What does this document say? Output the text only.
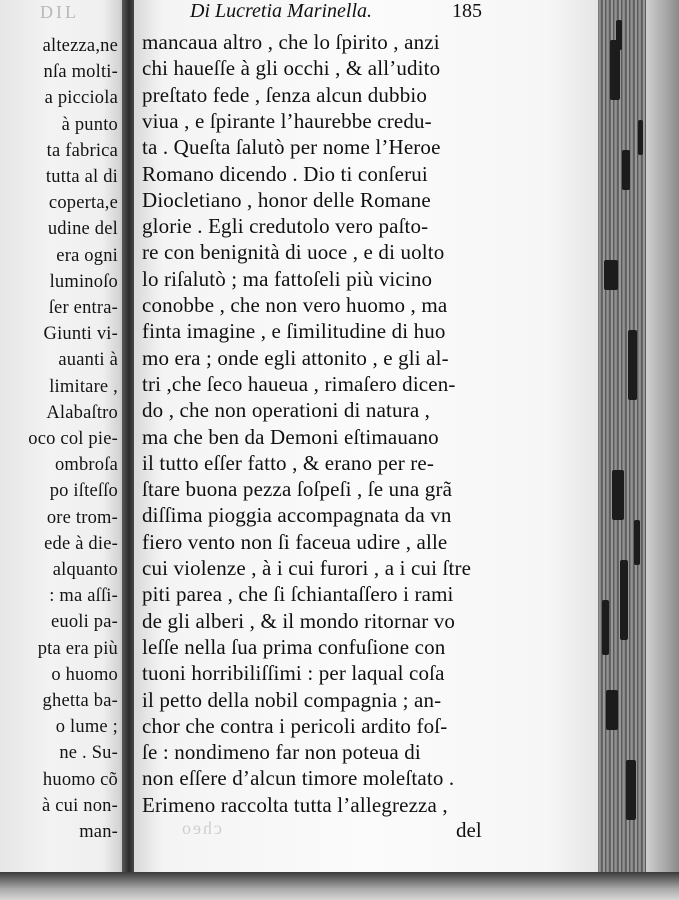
DIL
altezza,ne
nſa molti-
a picciola
à punto
ta fabrica
tutta al di
coperta,e
udine del
era ogni
luminoſo
ſer entra-
Giunti vi-
auanti à
limitare ,
Alabaſtro
oco col pie-
ombroſa
po iſteſſo
ore trom-
ede à die-
alquanto
: ma aſſi-
euoli pa-
pta era più
o huomo
ghetta ba-
o lume ;
ne . Su-
huomo cõ
à cui non-
man-
Di Lucretia Marinella.	185
mancaua altro , che lo ſpirito , anzi
chi haueſſe à gli occhi , & all’udito
preſtato fede , ſenza alcun dubbio
viua , e ſpirante l’haurebbe credu-
ta . Queſta ſalutò per nome l’Heroe
Romano dicendo . Dio ti conſerui
Diocletiano , honor delle Romane
glorie . Egli credutolo vero paſto-
re con benignità di uoce , e di uolto
lo riſalutò ; ma fattoſeli più vicino
conobbe , che non vero huomo , ma
finta imagine , e ſimilitudine di huo
mo era ; onde egli attonito , e gli al-
tri ,che ſeco haueua , rimaſero dicen-
do , che non operationi di natura ,
ma che ben da Demoni eſtimauano
il tutto eſſer fatto , & erano per re-
ſtare buona pezza ſoſpeſi , ſe una grã
diſſima pioggia accompagnata da vn
fiero vento non ſi faceua udire , alle
cui violenze , à i cui furori , a i cui ſtre
piti parea , che ſi ſchiantaſſero i rami
de gli alberi , & il mondo ritornar vo
leſſe nella ſua prima confuſione con
tuoni horribiliſſimi : per laqual coſa
il petto della nobil compagnia ; an-
chor che contra i pericoli ardito foſ-
ſe : nondimeno far non poteua di
non eſſere d’alcun timore moleſtato .
Erimeno raccolta tutta l’allegrezza ,
cheo	del
